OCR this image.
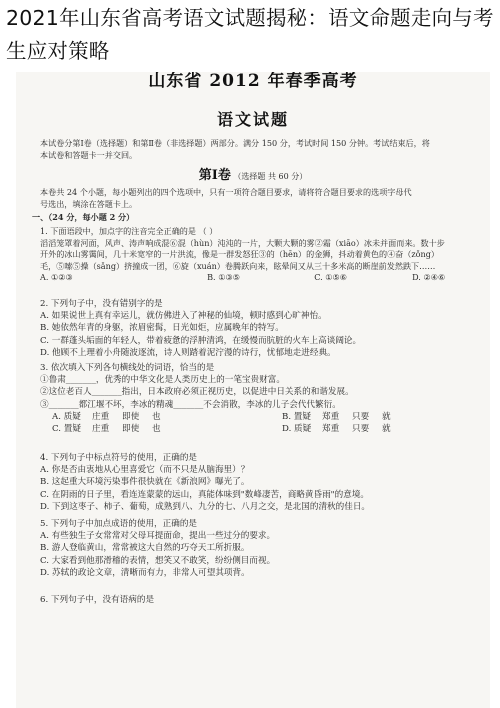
2021年山东省高考语文试题揭秘：语文命题走向与考生应对策略
山东省 2012 年春季高考
语文试题

本试卷分第Ⅰ卷（选择题）和第Ⅱ卷（非选择题）两部分。满分 150 分，考试时间 150 分钟。考试结束后，将

本试卷和答题卡一并交回。

第Ⅰ卷 （选择题 共 60 分）

本卷共 24 个小题，每小题列出的四个选项中，只有一项符合题目要求，请将符合题目要求的选项字母代

号选出，填涂在答题卡上。

一、（24 分，每小题 2 分）

1. 下面语段中，加点字的注音完全正确的是 （ ）

滔滔笼罩着河面，风声、涛声响成混⑥混（hùn）沌沌的一片，大颗大颗的雾②霜（xiāo）冰未并面而来。数十步

开外的冰山雾霭间，几十米宽窄的一片洪流，像是一群发怒狂③的（hēn）的金狮，抖动着黄色的④奋（zǒng）

毛，⑤嗦⑤操（sǎng）挤撞成一团，⑥旋（xuán）卷腾跃向来，眩晕间又从三十多米高的断崖前发然跌下……

A. ①②③	B. ①③⑤	C. ①⑤⑥	D. ②④⑥

2. 下列句子中，没有错别字的是

A. 如果说世上真有幸运儿，就仿佛进入了神秘的仙境，顿时感到心旷神怡。

B. 她依然年青的身躯，浓眉密髯，日光如炬，应属晚年的特写。

C. 一群蓬头垢面的年轻人，带着疲惫的浮肿清鸿，在缓慢而肮脏的火车上高谈阔论。

D. 他顾不上理着小舟随波逐流，诗人则踏着泥泞漫的诗行，忧郁地走进经典。

3. 依次填入下列各句横线处的词语，恰当的是

①鲁肃_______，优秀的中华文化是人类历史上的一笔宝贵财富。

②这位老百人_______指出，日本政府必须正视历史，以促进中日关系的和谐发展。

③_______都江堰不坏，李冰的精魂_______不会消散，李冰的儿子会代代繁衍。

A. 质疑	庄重	即使	也	B. 置疑	郑重	只要	就
C. 置疑	庄重	即使	也	D. 质疑	郑重	只要	就

4. 下列句子中标点符号的使用，正确的是

A. 你是否由衷地从心里喜爱它（而不只是从脑海里）？

B. 这起重大环境污染事件很快就在《新浪网》曝光了。

C. 在阴雨的日子里，看连连蒙蒙的远山，真能体味到"数峰凄苦，商略黄昏雨"的意境。

D. 下到这枣子、柿子、葡萄，成熟到八、九分的七、八月之交，是北国的清秋的佳日。

5. 下列句子中加点成语的使用，正确的是

A. 有些独生子女常常对父母耳提面命，提出一些过分的要求。

B. 游人登临黄山，常常被这大自然的巧夺天工所折服。

C. 大家看到他那滑稽的表情，想笑又不敢笑，纷纷侧目而视。

D. 苏轼的政论文章，清晰而有力，非常人可望其项背。

6. 下列句子中，没有语病的是
